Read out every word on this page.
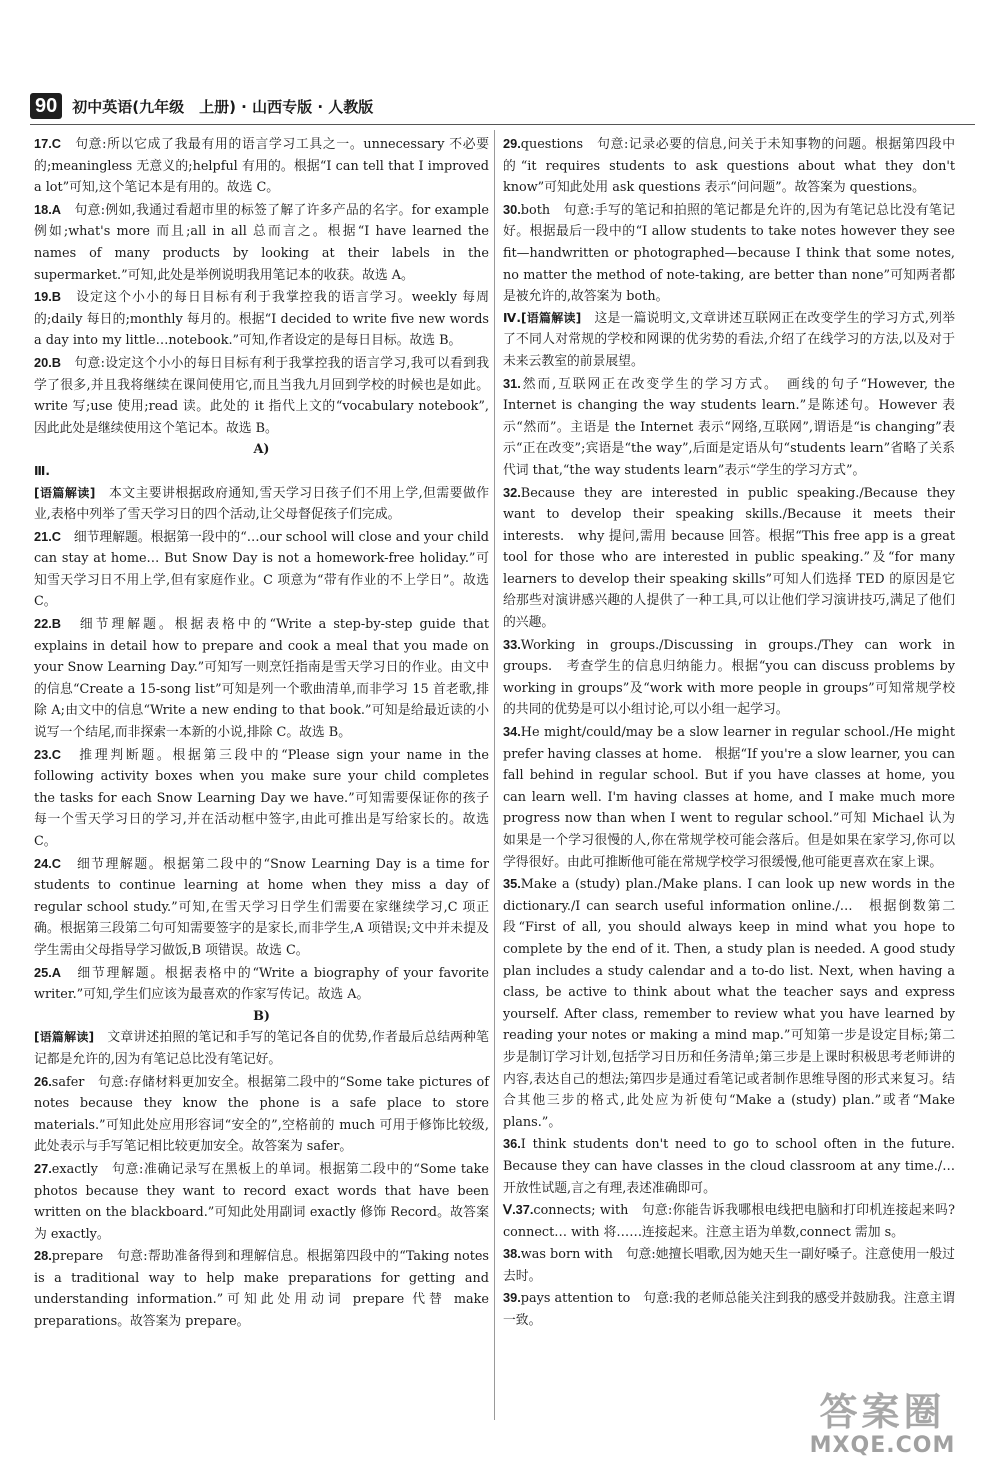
90	初中英语(九年级　上册) · 山西专版 · 人教版

17.C　句意:所以它成了我最有用的语言学习工具之一。unnecessary 不必要的;meaningless 无意义的;helpful 有用的。根据“I can tell that I improved a lot”可知,这个笔记本是有用的。故选 C。

18.A　句意:例如,我通过看超市里的标签了解了许多产品的名字。for example 例如;what's more 而且;all in all 总而言之。根据“I have learned the names of many products by looking at their labels in the supermarket.”可知,此处是举例说明我用笔记本的收获。故选 A。

19.B　设定这个小小的每日目标有利于我掌控我的语言学习。weekly 每周的;daily 每日的;monthly 每月的。根据“I decided to write five new words a day into my little…notebook.”可知,作者设定的是每日目标。故选 B。

20.B　句意:设定这个小小的每日目标有利于我掌控我的语言学习,我可以看到我学了很多,并且我将继续在课间使用它,而且当我九月回到学校的时候也是如此。write 写;use 使用;read 读。此处的 it 指代上文的“vocabulary notebook”,因此此处是继续使用这个笔记本。故选 B。

A)

Ⅲ.
[语篇解读]　本文主要讲根据政府通知,雪天学习日孩子们不用上学,但需要做作业,表格中列举了雪天学习日的四个活动,让父母督促孩子们完成。

21.C　细节理解题。根据第一段中的“…our school will close and your child can stay at home… But Snow Day is not a homework-free holiday.”可知雪天学习日不用上学,但有家庭作业。C 项意为“带有作业的不上学日”。故选 C。

22.B　细节理解题。根据表格中的“Write a step-by-step guide that explains in detail how to prepare and cook a meal that you made on your Snow Learning Day.”可知写一则烹饪指南是雪天学习日的作业。由文中的信息“Create a 15-song list”可知是列一个歌曲清单,而非学习 15 首老歌,排除 A;由文中的信息“Write a new ending to that book.”可知是给最近读的小说写一个结尾,而非探索一本新的小说,排除 C。故选 B。

23.C　推理判断题。根据第三段中的“Please sign your name in the following activity boxes when you make sure your child completes the tasks for each Snow Learning Day we have.”可知需要保证你的孩子每一个雪天学习日的学习,并在活动框中签字,由此可推出是写给家长的。故选 C。

24.C　细节理解题。根据第二段中的“Snow Learning Day is a time for students to continue learning at home when they miss a day of regular school study.”可知,在雪天学习日学生们需要在家继续学习,C 项正确。根据第三段第二句可知需要签字的是家长,而非学生,A 项错误;文中并未提及学生需由父母指导学习做饭,B 项错误。故选 C。

25.A　细节理解题。根据表格中的“Write a biography of your favorite writer.”可知,学生们应该为最喜欢的作家写传记。故选 A。

B)

[语篇解读]　文章讲述拍照的笔记和手写的笔记各自的优势,作者最后总结两种笔记都是允许的,因为有笔记总比没有笔记好。

26.safer　句意:存储材料更加安全。根据第二段中的“Some take pictures of notes because they know the phone is a safe place to store materials.”可知此处应用形容词“安全的”,空格前的 much 可用于修饰比较级,此处表示与手写笔记相比较更加安全。故答案为 safer。

27.exactly　句意:准确记录写在黑板上的单词。根据第二段中的“Some take photos because they want to record exact words that have been written on the blackboard.”可知此处用副词 exactly 修饰 Record。故答案为 exactly。

28.prepare　句意:帮助准备得到和理解信息。根据第四段中的“Taking notes is a traditional way to help make preparations for getting and understanding information.”可知此处用动词 prepare 代替 make preparations。故答案为 prepare。

29.questions　句意:记录必要的信息,问关于未知事物的问题。根据第四段中的“it requires students to ask questions about what they don't know”可知此处用 ask questions 表示“问问题”。故答案为 questions。

30.both　句意:手写的笔记和拍照的笔记都是允许的,因为有笔记总比没有笔记好。根据最后一段中的“I allow students to take notes however they see fit—handwritten or photographed—because I think that some notes, no matter the method of note-taking, are better than none”可知两者都是被允许的,故答案为 both。

Ⅳ.[语篇解读]　这是一篇说明文,文章讲述互联网正在改变学生的学习方式,列举了不同人对常规的学校和网课的优劣势的看法,介绍了在线学习的方法,以及对于未来云教室的前景展望。

31.然而,互联网正在改变学生的学习方式。　画线的句子“However, the Internet is changing the way students learn.”是陈述句。However 表示“然而”。主语是 the Internet 表示“网络,互联网”,谓语是“is changing”表示“正在改变”;宾语是“the way”,后面是定语从句“students learn”省略了关系代词 that,“the way students learn”表示“学生的学习方式”。

32.Because they are interested in public speaking./Because they want to develop their speaking skills./Because it meets their interests.　why 提问,需用 because 回答。根据“This free app is a great tool for those who are interested in public speaking.”及“for many learners to develop their speaking skills”可知人们选择 TED 的原因是它给那些对演讲感兴趣的人提供了一种工具,可以让他们学习演讲技巧,满足了他们的兴趣。

33.Working in groups./Discussing in groups./They can work in groups.　考查学生的信息归纳能力。根据“you can discuss problems by working in groups”及“work with more people in groups”可知常规学校的共同的优势是可以小组讨论,可以小组一起学习。

34.He might/could/may be a slow learner in regular school./He might prefer having classes at home.　根据“If you're a slow learner, you can fall behind in regular school. But if you have classes at home, you can learn well. I'm having classes at home, and I make much more progress now than when I went to regular school.”可知 Michael 认为如果是一个学习很慢的人,你在常规学校可能会落后。但是如果在家学习,你可以学得很好。由此可推断他可能在常规学校学习很缓慢,他可能更喜欢在家上课。

35.Make a (study) plan./Make plans. I can look up new words in the dictionary./I can search useful information online./…　根据倒数第二段“First of all, you should always keep in mind what you hope to complete by the end of it. Then, a study plan is needed. A good study plan includes a study calendar and a to-do list. Next, when having a class, be active to think about what the teacher says and express yourself. After class, remember to review what you have learned by reading your notes or making a mind map.”可知第一步是设定目标;第二步是制订学习计划,包括学习日历和任务清单;第三步是上课时积极思考老师讲的内容,表达自己的想法;第四步是通过看笔记或者制作思维导图的形式来复习。结合其他三步的格式,此处应为祈使句“Make a (study) plan.”或者“Make plans.”。

36.I think students don't need to go to school often in the future. Because they can have classes in the cloud classroom at any time./…　开放性试题,言之有理,表述准确即可。

Ⅴ.37.connects; with　句意:你能告诉我哪根电线把电脑和打印机连接起来吗? connect… with 将……连接起来。注意主语为单数,connect 需加 s。

38.was born with　句意:她擅长唱歌,因为她天生一副好嗓子。注意使用一般过去时。

39.pays attention to　句意:我的老师总能关注到我的感受并鼓励我。注意主谓一致。

答案圈
MXQE.COM
